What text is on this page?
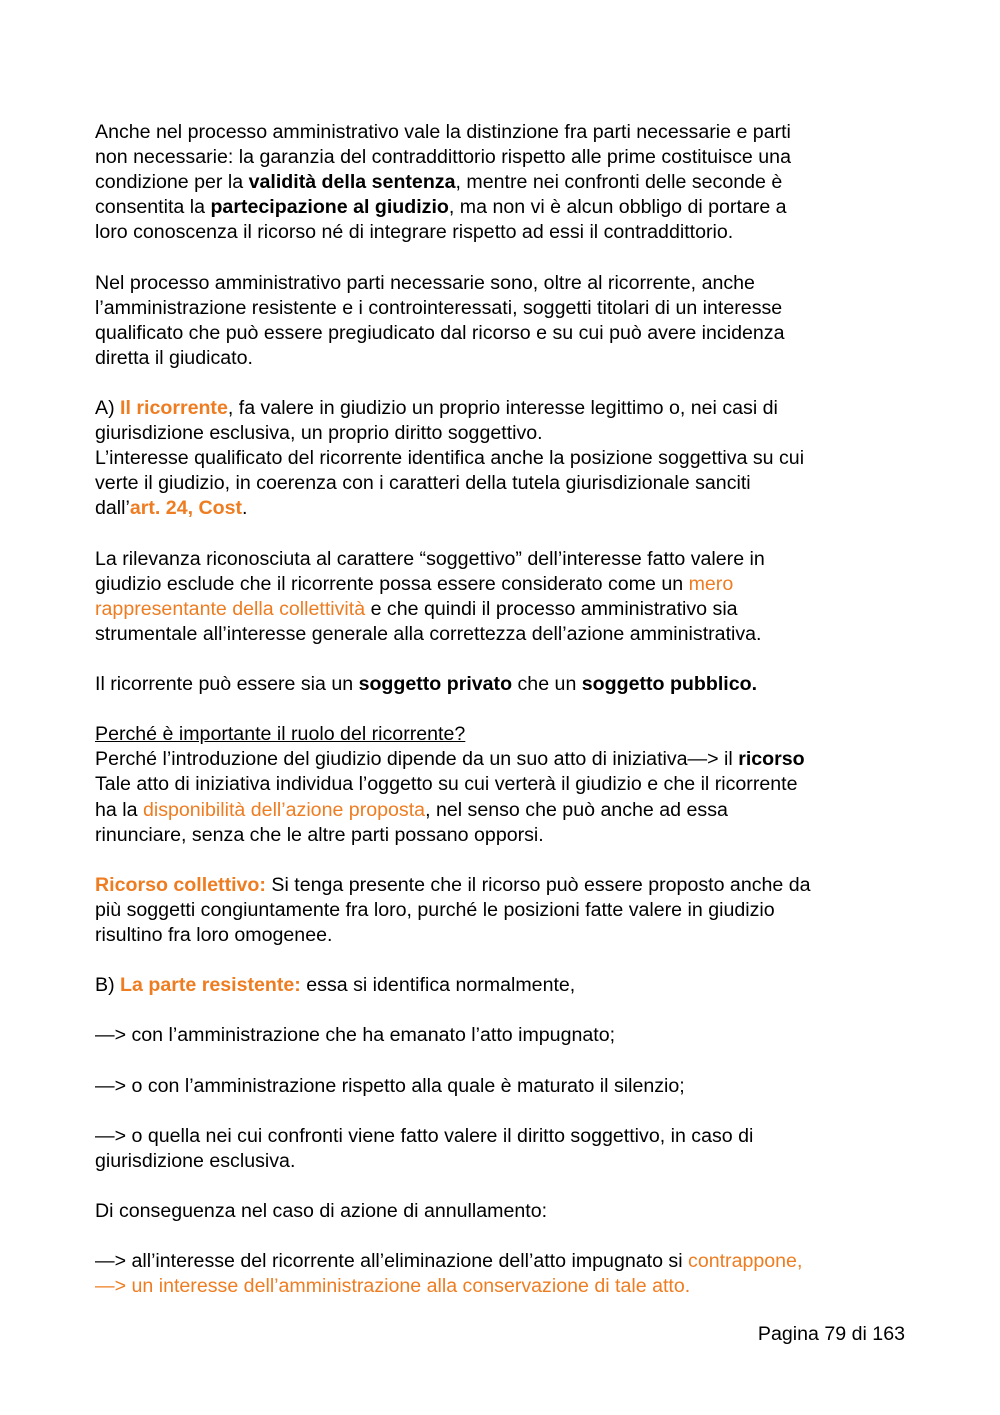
Anche nel processo amministrativo vale la distinzione fra parti necessarie e parti
non necessarie: la garanzia del contraddittorio rispetto alle prime costituisce una
condizione per la validità della sentenza, mentre nei confronti delle seconde è
consentita la partecipazione al giudizio, ma non vi è alcun obbligo di portare a
loro conoscenza il ricorso né di integrare rispetto ad essi il contraddittorio.

Nel processo amministrativo parti necessarie sono, oltre al ricorrente, anche
l’amministrazione resistente e i controinteressati, soggetti titolari di un interesse
qualificato che può essere pregiudicato dal ricorso e su cui può avere incidenza
diretta il giudicato.

A) Il ricorrente, fa valere in giudizio un proprio interesse legittimo o, nei casi di
giurisdizione esclusiva, un proprio diritto soggettivo.
L’interesse qualificato del ricorrente identifica anche la posizione soggettiva su cui
verte il giudizio, in coerenza con i caratteri della tutela giurisdizionale sanciti
dall’art. 24, Cost.

La rilevanza riconosciuta al carattere “soggettivo” dell’interesse fatto valere in
giudizio esclude che il ricorrente possa essere considerato come un mero
rappresentante della collettività e che quindi il processo amministrativo sia
strumentale all’interesse generale alla correttezza dell’azione amministrativa.

Il ricorrente può essere sia un soggetto privato che un soggetto pubblico.

Perché è importante il ruolo del ricorrente?
Perché l’introduzione del giudizio dipende da un suo atto di iniziativa—> il ricorso
Tale atto di iniziativa individua l’oggetto su cui verterà il giudizio e che il ricorrente
ha la disponibilità dell’azione proposta, nel senso che può anche ad essa
rinunciare, senza che le altre parti possano opporsi.

Ricorso collettivo: Si tenga presente che il ricorso può essere proposto anche da
più soggetti congiuntamente fra loro, purché le posizioni fatte valere in giudizio
risultino fra loro omogenee.

B) La parte resistente: essa si identifica normalmente,

—> con l’amministrazione che ha emanato l’atto impugnato;

—> o con l’amministrazione rispetto alla quale è maturato il silenzio;

—> o quella nei cui confronti viene fatto valere il diritto soggettivo, in caso di
giurisdizione esclusiva.

Di conseguenza nel caso di azione di annullamento:

—> all’interesse del ricorrente all’eliminazione dell’atto impugnato si contrappone,
—> un interesse dell’amministrazione alla conservazione di tale atto.

Pagina 79 di 163
